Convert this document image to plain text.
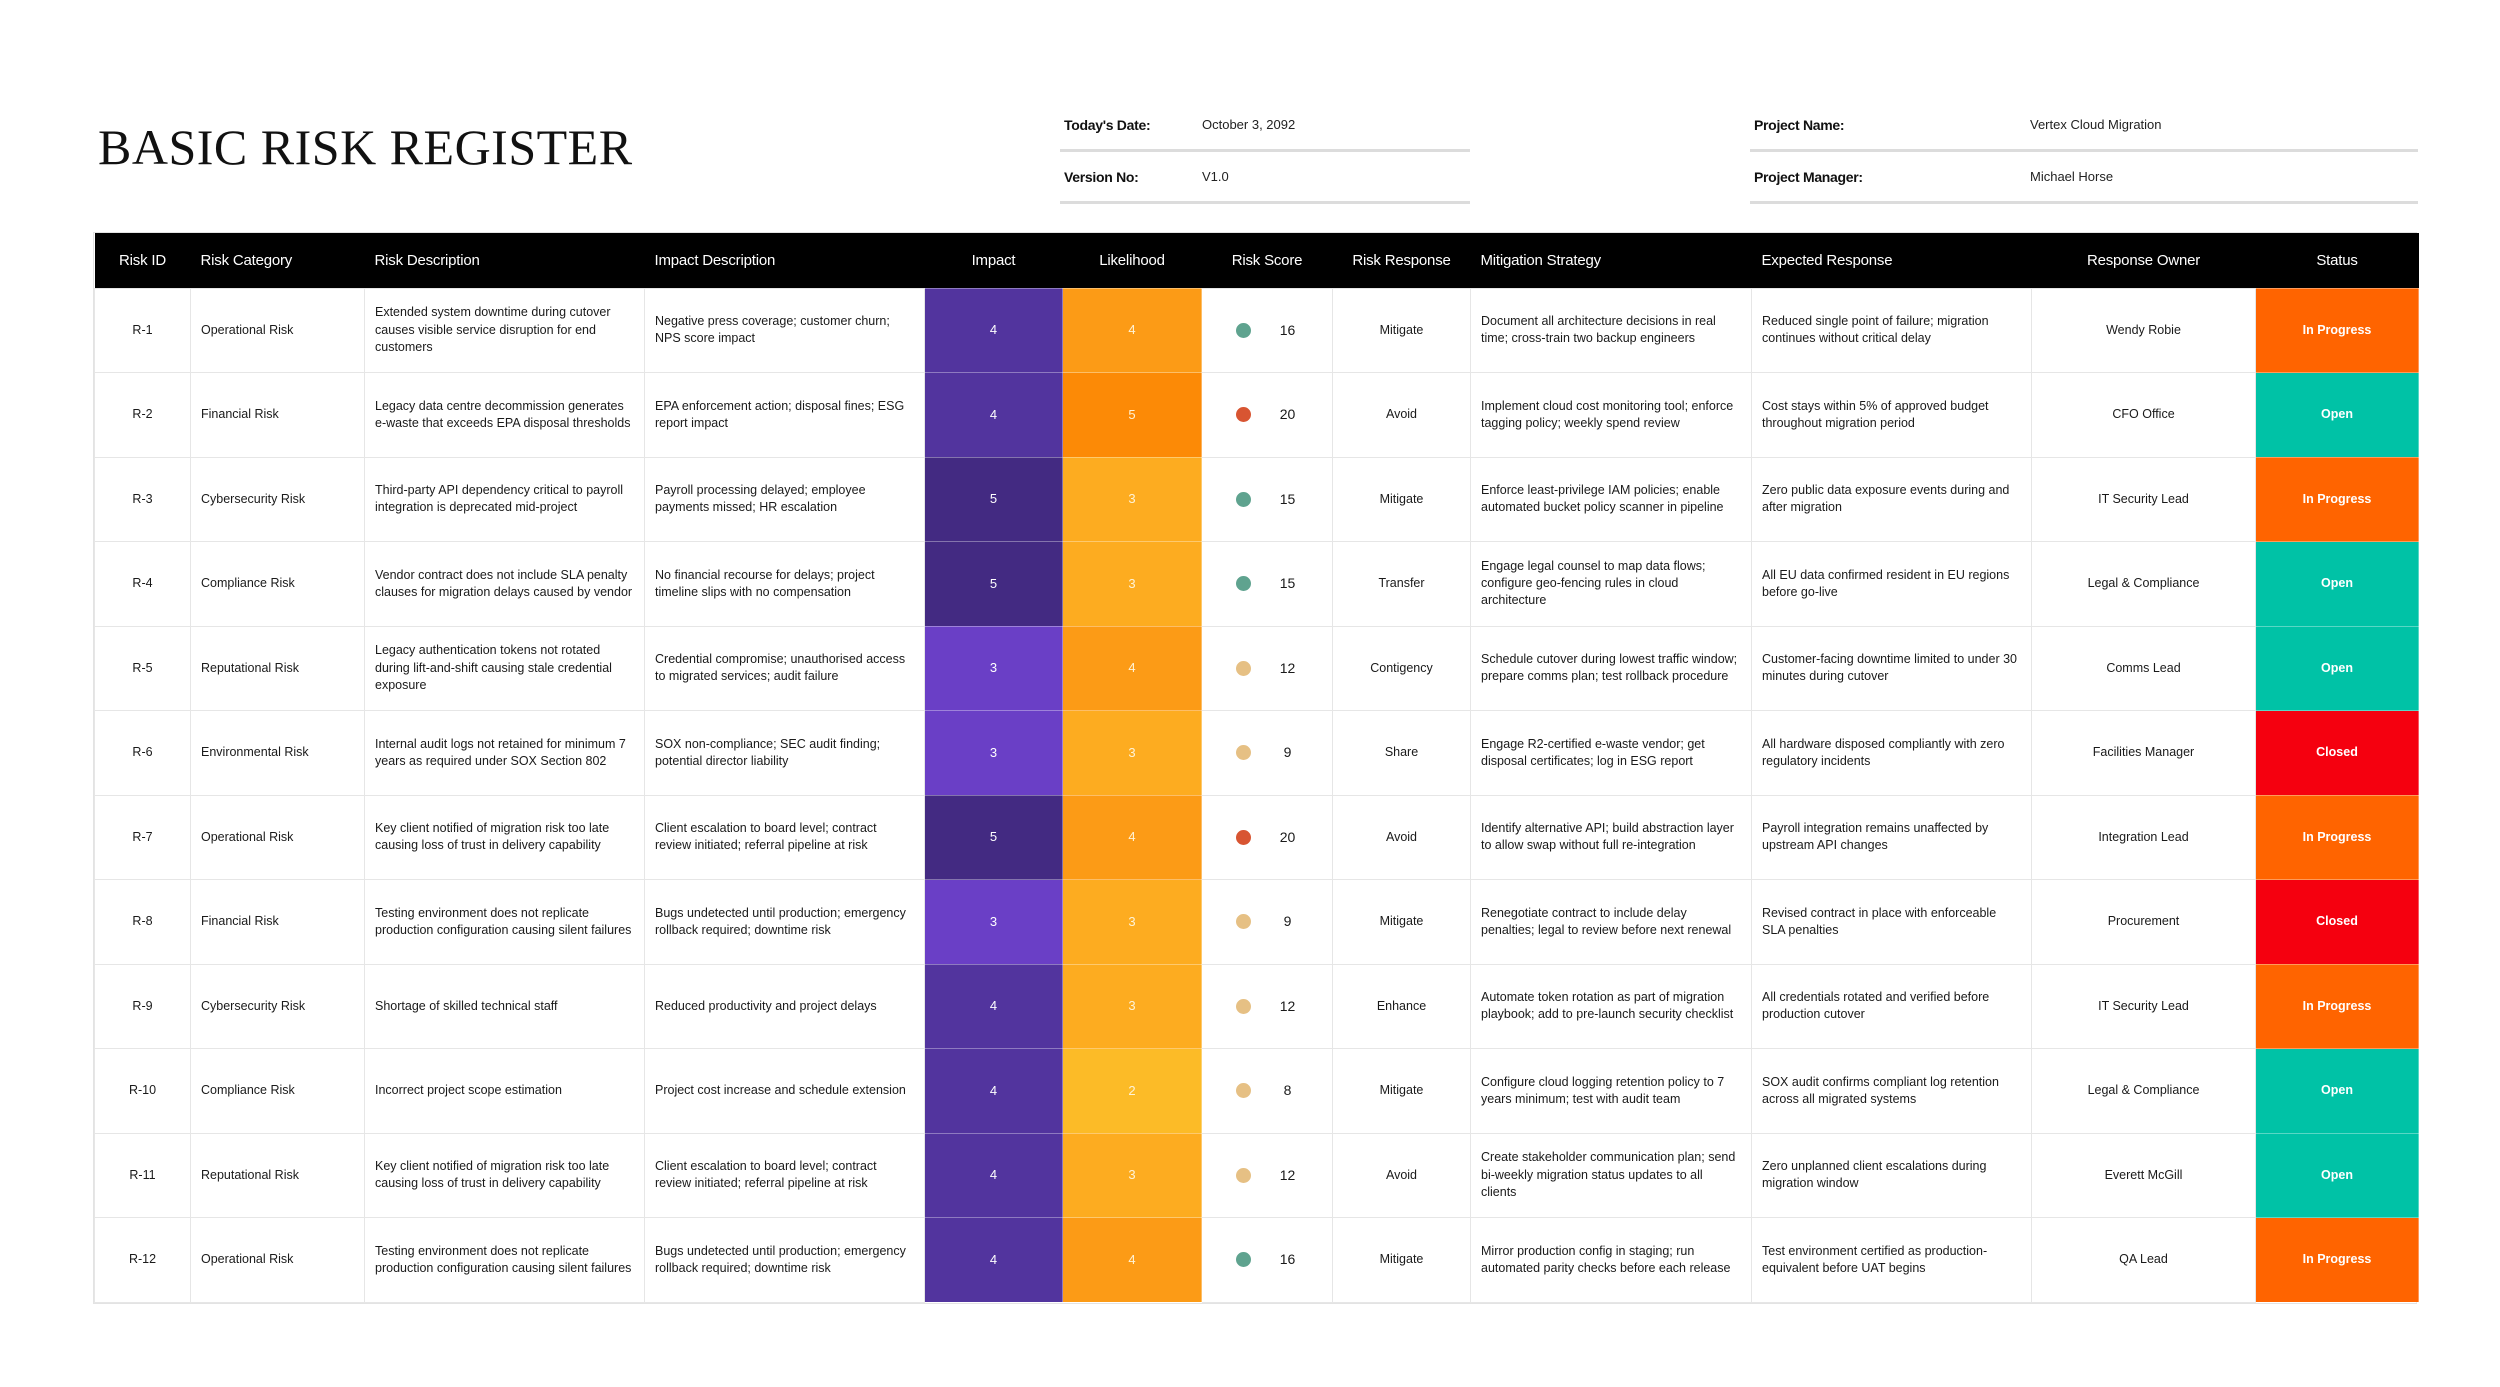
BASIC RISK REGISTER	Today's Date:	October 3, 2092
Version No:	V1.0
Project Name:	Vertex Cloud Migration
Project Manager:	Michael Horse
Risk ID	Risk Category	Risk Description	Impact Description	Impact	Likelihood	Risk Score	Risk Response	Mitigation Strategy	Expected Response	Response Owner	Status
R-1	Operational Risk	Extended system downtime during cutover causes visible service disruption for end customers	Negative press coverage; customer churn; NPS score impact	4	4	16	Mitigate	Document all architecture decisions in real time; cross-train two backup engineers	Reduced single point of failure; migration continues without critical delay	Wendy Robie	In Progress
R-2	Financial Risk	Legacy data centre decommission generates e-waste that exceeds EPA disposal thresholds	EPA enforcement action; disposal fines; ESG report impact	4	5	20	Avoid	Implement cloud cost monitoring tool; enforce tagging policy; weekly spend review	Cost stays within 5% of approved budget throughout migration period	CFO Office	Open
R-3	Cybersecurity Risk	Third-party API dependency critical to payroll integration is deprecated mid-project	Payroll processing delayed; employee payments missed; HR escalation	5	3	15	Mitigate	Enforce least-privilege IAM policies; enable automated bucket policy scanner in pipeline	Zero public data exposure events during and after migration	IT Security Lead	In Progress
R-4	Compliance Risk	Vendor contract does not include SLA penalty clauses for migration delays caused by vendor	No financial recourse for delays; project timeline slips with no compensation	5	3	15	Transfer	Engage legal counsel to map data flows; configure geo-fencing rules in cloud architecture	All EU data confirmed resident in EU regions before go-live	Legal & Compliance	Open
R-5	Reputational Risk	Legacy authentication tokens not rotated during lift-and-shift causing stale credential exposure	Credential compromise; unauthorised access to migrated services; audit failure	3	4	12	Contigency	Schedule cutover during lowest traffic window; prepare comms plan; test rollback procedure	Customer-facing downtime limited to under 30 minutes during cutover	Comms Lead	Open
R-6	Environmental Risk	Internal audit logs not retained for minimum 7 years as required under SOX Section 802	SOX non-compliance; SEC audit finding; potential director liability	3	3	9	Share	Engage R2-certified e-waste vendor; get disposal certificates; log in ESG report	All hardware disposed compliantly with zero regulatory incidents	Facilities Manager	Closed
R-7	Operational Risk	Key client notified of migration risk too late causing loss of trust in delivery capability	Client escalation to board level; contract review initiated; referral pipeline at risk	5	4	20	Avoid	Identify alternative API; build abstraction layer to allow swap without full re-integration	Payroll integration remains unaffected by upstream API changes	Integration Lead	In Progress
R-8	Financial Risk	Testing environment does not replicate production configuration causing silent failures	Bugs undetected until production; emergency rollback required; downtime risk	3	3	9	Mitigate	Renegotiate contract to include delay penalties; legal to review before next renewal	Revised contract in place with enforceable SLA penalties	Procurement	Closed
R-9	Cybersecurity Risk	Shortage of skilled technical staff	Reduced productivity and project delays	4	3	12	Enhance	Automate token rotation as part of migration playbook; add to pre-launch security checklist	All credentials rotated and verified before production cutover	IT Security Lead	In Progress
R-10	Compliance Risk	Incorrect project scope estimation	Project cost increase and schedule extension	4	2	8	Mitigate	Configure cloud logging retention policy to 7 years minimum; test with audit team	SOX audit confirms compliant log retention across all migrated systems	Legal & Compliance	Open
R-11	Reputational Risk	Key client notified of migration risk too late causing loss of trust in delivery capability	Client escalation to board level; contract review initiated; referral pipeline at risk	4	3	12	Avoid	Create stakeholder communication plan; send bi-weekly migration status updates to all clients	Zero unplanned client escalations during migration window	Everett McGill	Open
R-12	Operational Risk	Testing environment does not replicate production configuration causing silent failures	Bugs undetected until production; emergency rollback required; downtime risk	4	4	16	Mitigate	Mirror production config in staging; run automated parity checks before each release	Test environment certified as production-equivalent before UAT begins	QA Lead	In Progress
